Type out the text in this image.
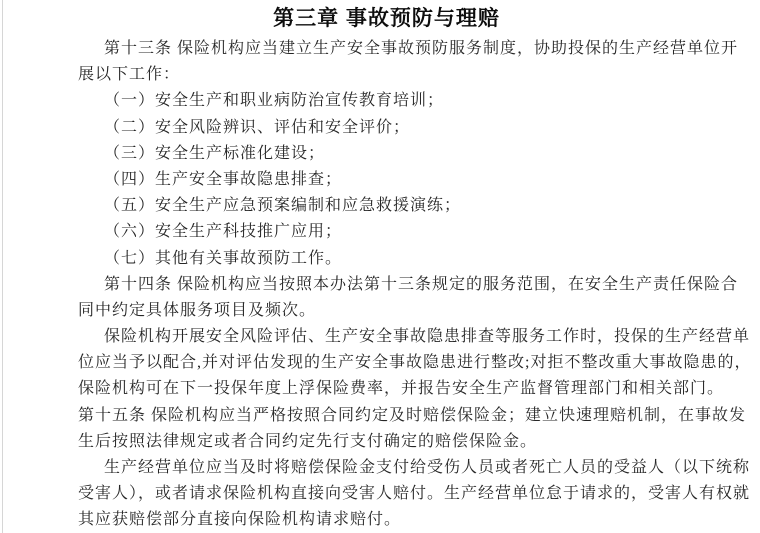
第三章 事故预防与理赔
第十三条 保险机构应当建立生产安全事故预防服务制度，协助投保的生产经营单位开
展以下工作：
（一）安全生产和职业病防治宣传教育培训；
（二）安全风险辨识、评估和安全评价；
（三）安全生产标准化建设；
（四）生产安全事故隐患排查；
（五）安全生产应急预案编制和应急救援演练；
（六）安全生产科技推广应用；
（七）其他有关事故预防工作。
第十四条 保险机构应当按照本办法第十三条规定的服务范围，在安全生产责任保险合
同中约定具体服务项目及频次。
保险机构开展安全风险评估、生产安全事故隐患排查等服务工作时，投保的生产经营单
位应当予以配合,并对评估发现的生产安全事故隐患进行整改;对拒不整改重大事故隐患的，
保险机构可在下一投保年度上浮保险费率，并报告安全生产监督管理部门和相关部门。
第十五条 保险机构应当严格按照合同约定及时赔偿保险金；建立快速理赔机制，在事故发
生后按照法律规定或者合同约定先行支付确定的赔偿保险金。
生产经营单位应当及时将赔偿保险金支付给受伤人员或者死亡人员的受益人（以下统称
受害人），或者请求保险机构直接向受害人赔付。生产经营单位怠于请求的，受害人有权就
其应获赔偿部分直接向保险机构请求赔付。
